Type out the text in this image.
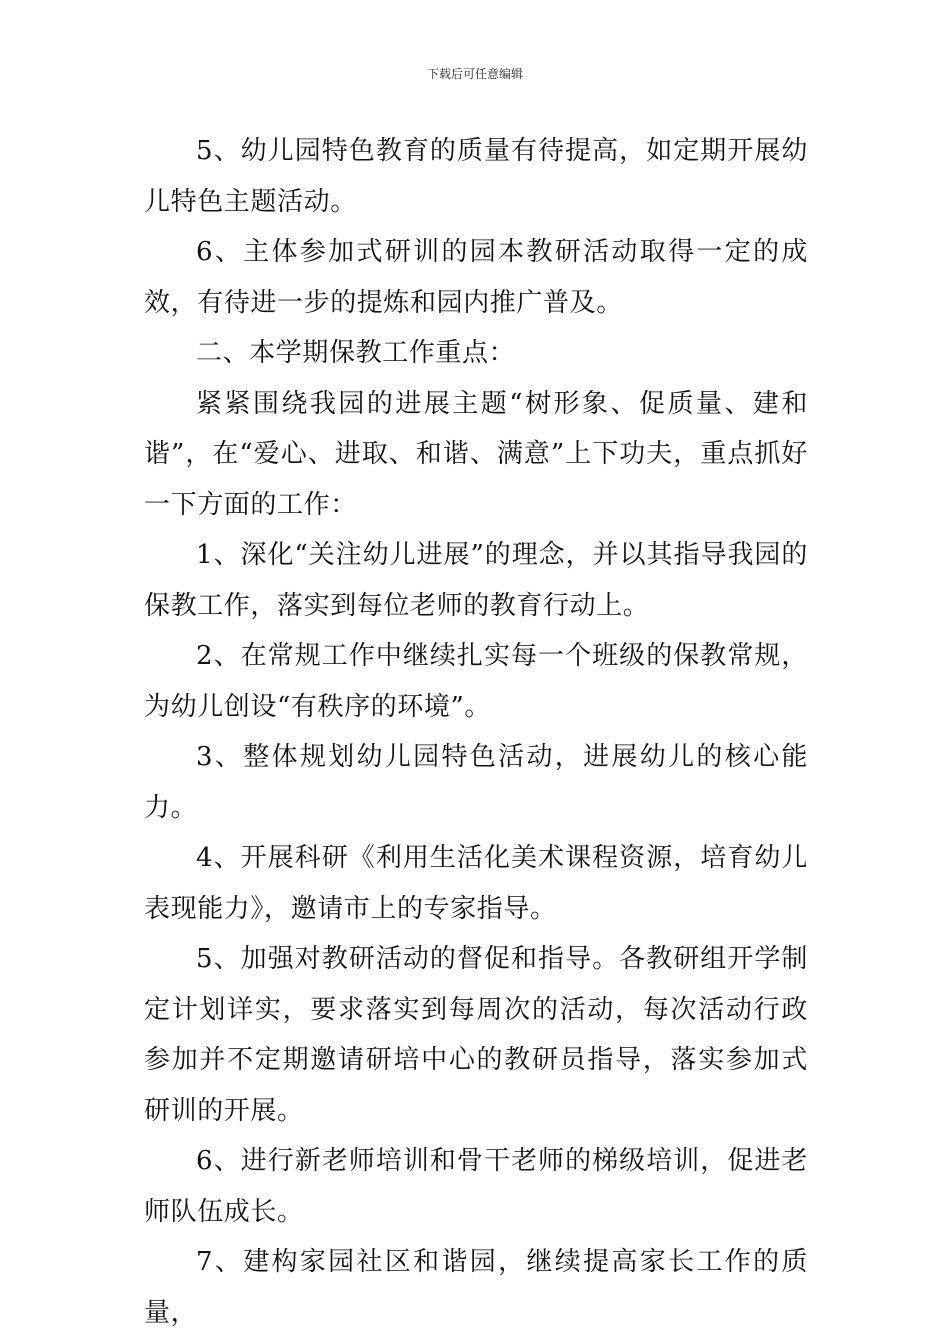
下载后可任意编辑

5、幼儿园特色教育的质量有待提高，如定期开展幼儿特色主题活动。

6、主体参加式研训的园本教研活动取得一定的成效，有待进一步的提炼和园内推广普及。

二、本学期保教工作重点：

紧紧围绕我园的进展主题“树形象、促质量、建和谐”，在“爱心、进取、和谐、满意”上下功夫，重点抓好一下方面的工作：

1、深化“关注幼儿进展”的理念，并以其指导我园的保教工作，落实到每位老师的教育行动上。

2、在常规工作中继续扎实每一个班级的保教常规，为幼儿创设“有秩序的环境”。

3、整体规划幼儿园特色活动，进展幼儿的核心能力。

4、开展科研《利用生活化美术课程资源，培育幼儿表现能力》，邀请市上的专家指导。

5、加强对教研活动的督促和指导。各教研组开学制定计划详实，要求落实到每周次的活动，每次活动行政参加并不定期邀请研培中心的教研员指导，落实参加式研训的开展。

6、进行新老师培训和骨干老师的梯级培训，促进老师队伍成长。

7、建构家园社区和谐园，继续提高家长工作的质量，
